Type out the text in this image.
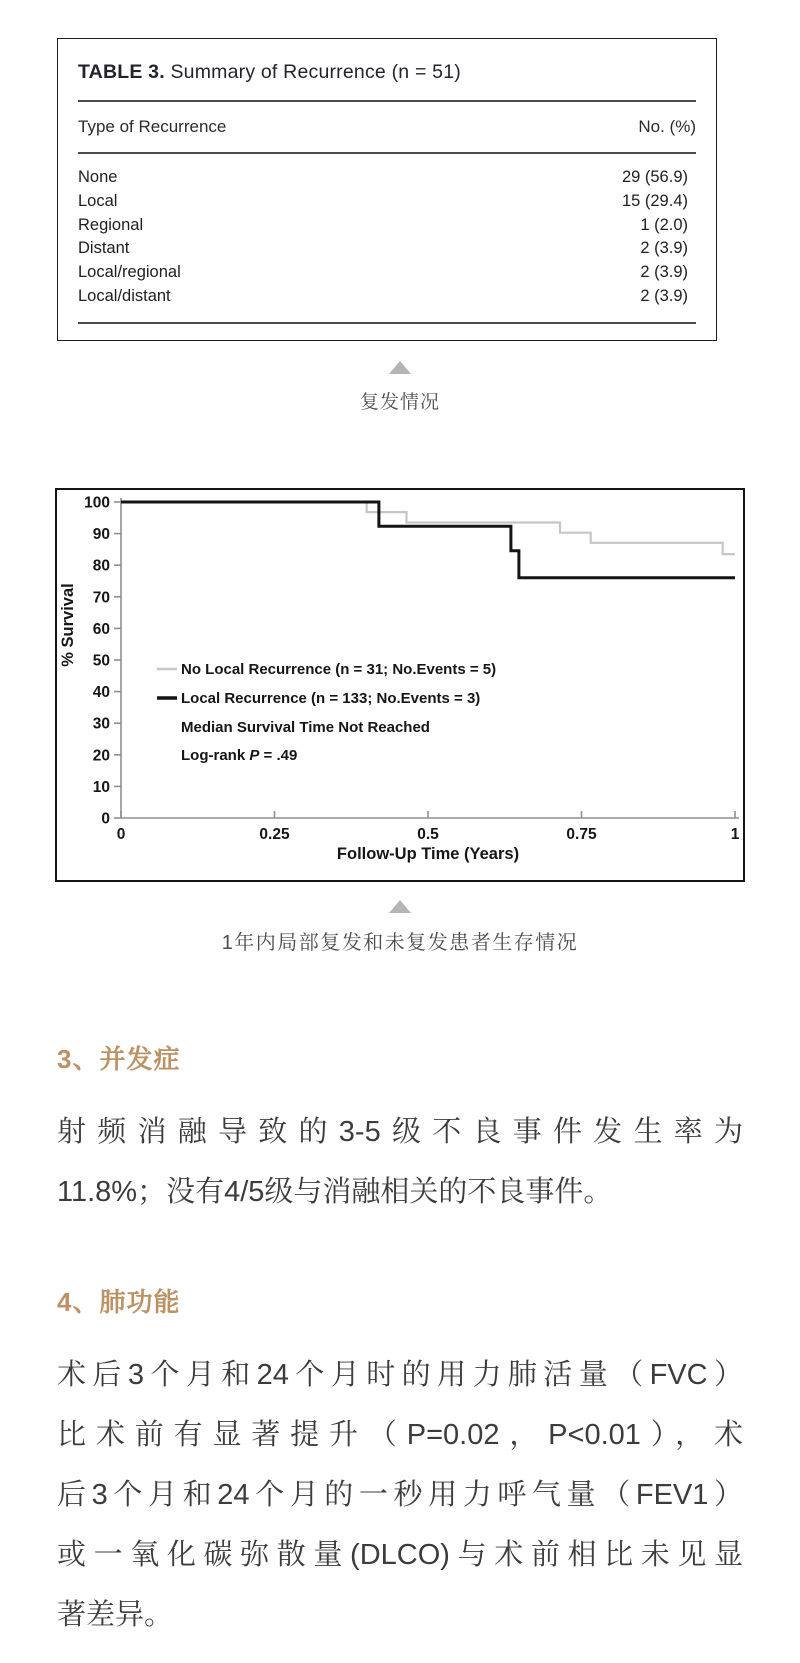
TABLE 3. Summary of Recurrence (n = 51)
Type of Recurrence	No. (%)
None	29 (56.9)
Local	15 (29.4)
Regional	1 (2.0)
Distant	2 (3.9)
Local/regional	2 (3.9)
Local/distant	2 (3.9)
复发情况
0
10
20
30
40
50
60
70
80
90
100
0	0.25	0.5	0.75	1
Follow-Up Time (Years)
% Survival
No Local Recurrence (n = 31; No.Events = 5)
Local Recurrence (n = 133; No.Events = 3)
Median Survival Time Not Reached
Log-rank P = .49
1年内局部复发和未复发患者生存情况
3、并发症
射频消融导致的3-5级不良事件发生率为
11.8%；没有4/5级与消融相关的不良事件。
4、肺功能
术后3个月和24个月时的用力肺活量（FVC）
比术前有显著提升（P=0.02，P<0.01），术
后3个月和24个月的一秒用力呼气量（FEV1）
或一氧化碳弥散量(DLCO)与术前相比未见显
著差异。
